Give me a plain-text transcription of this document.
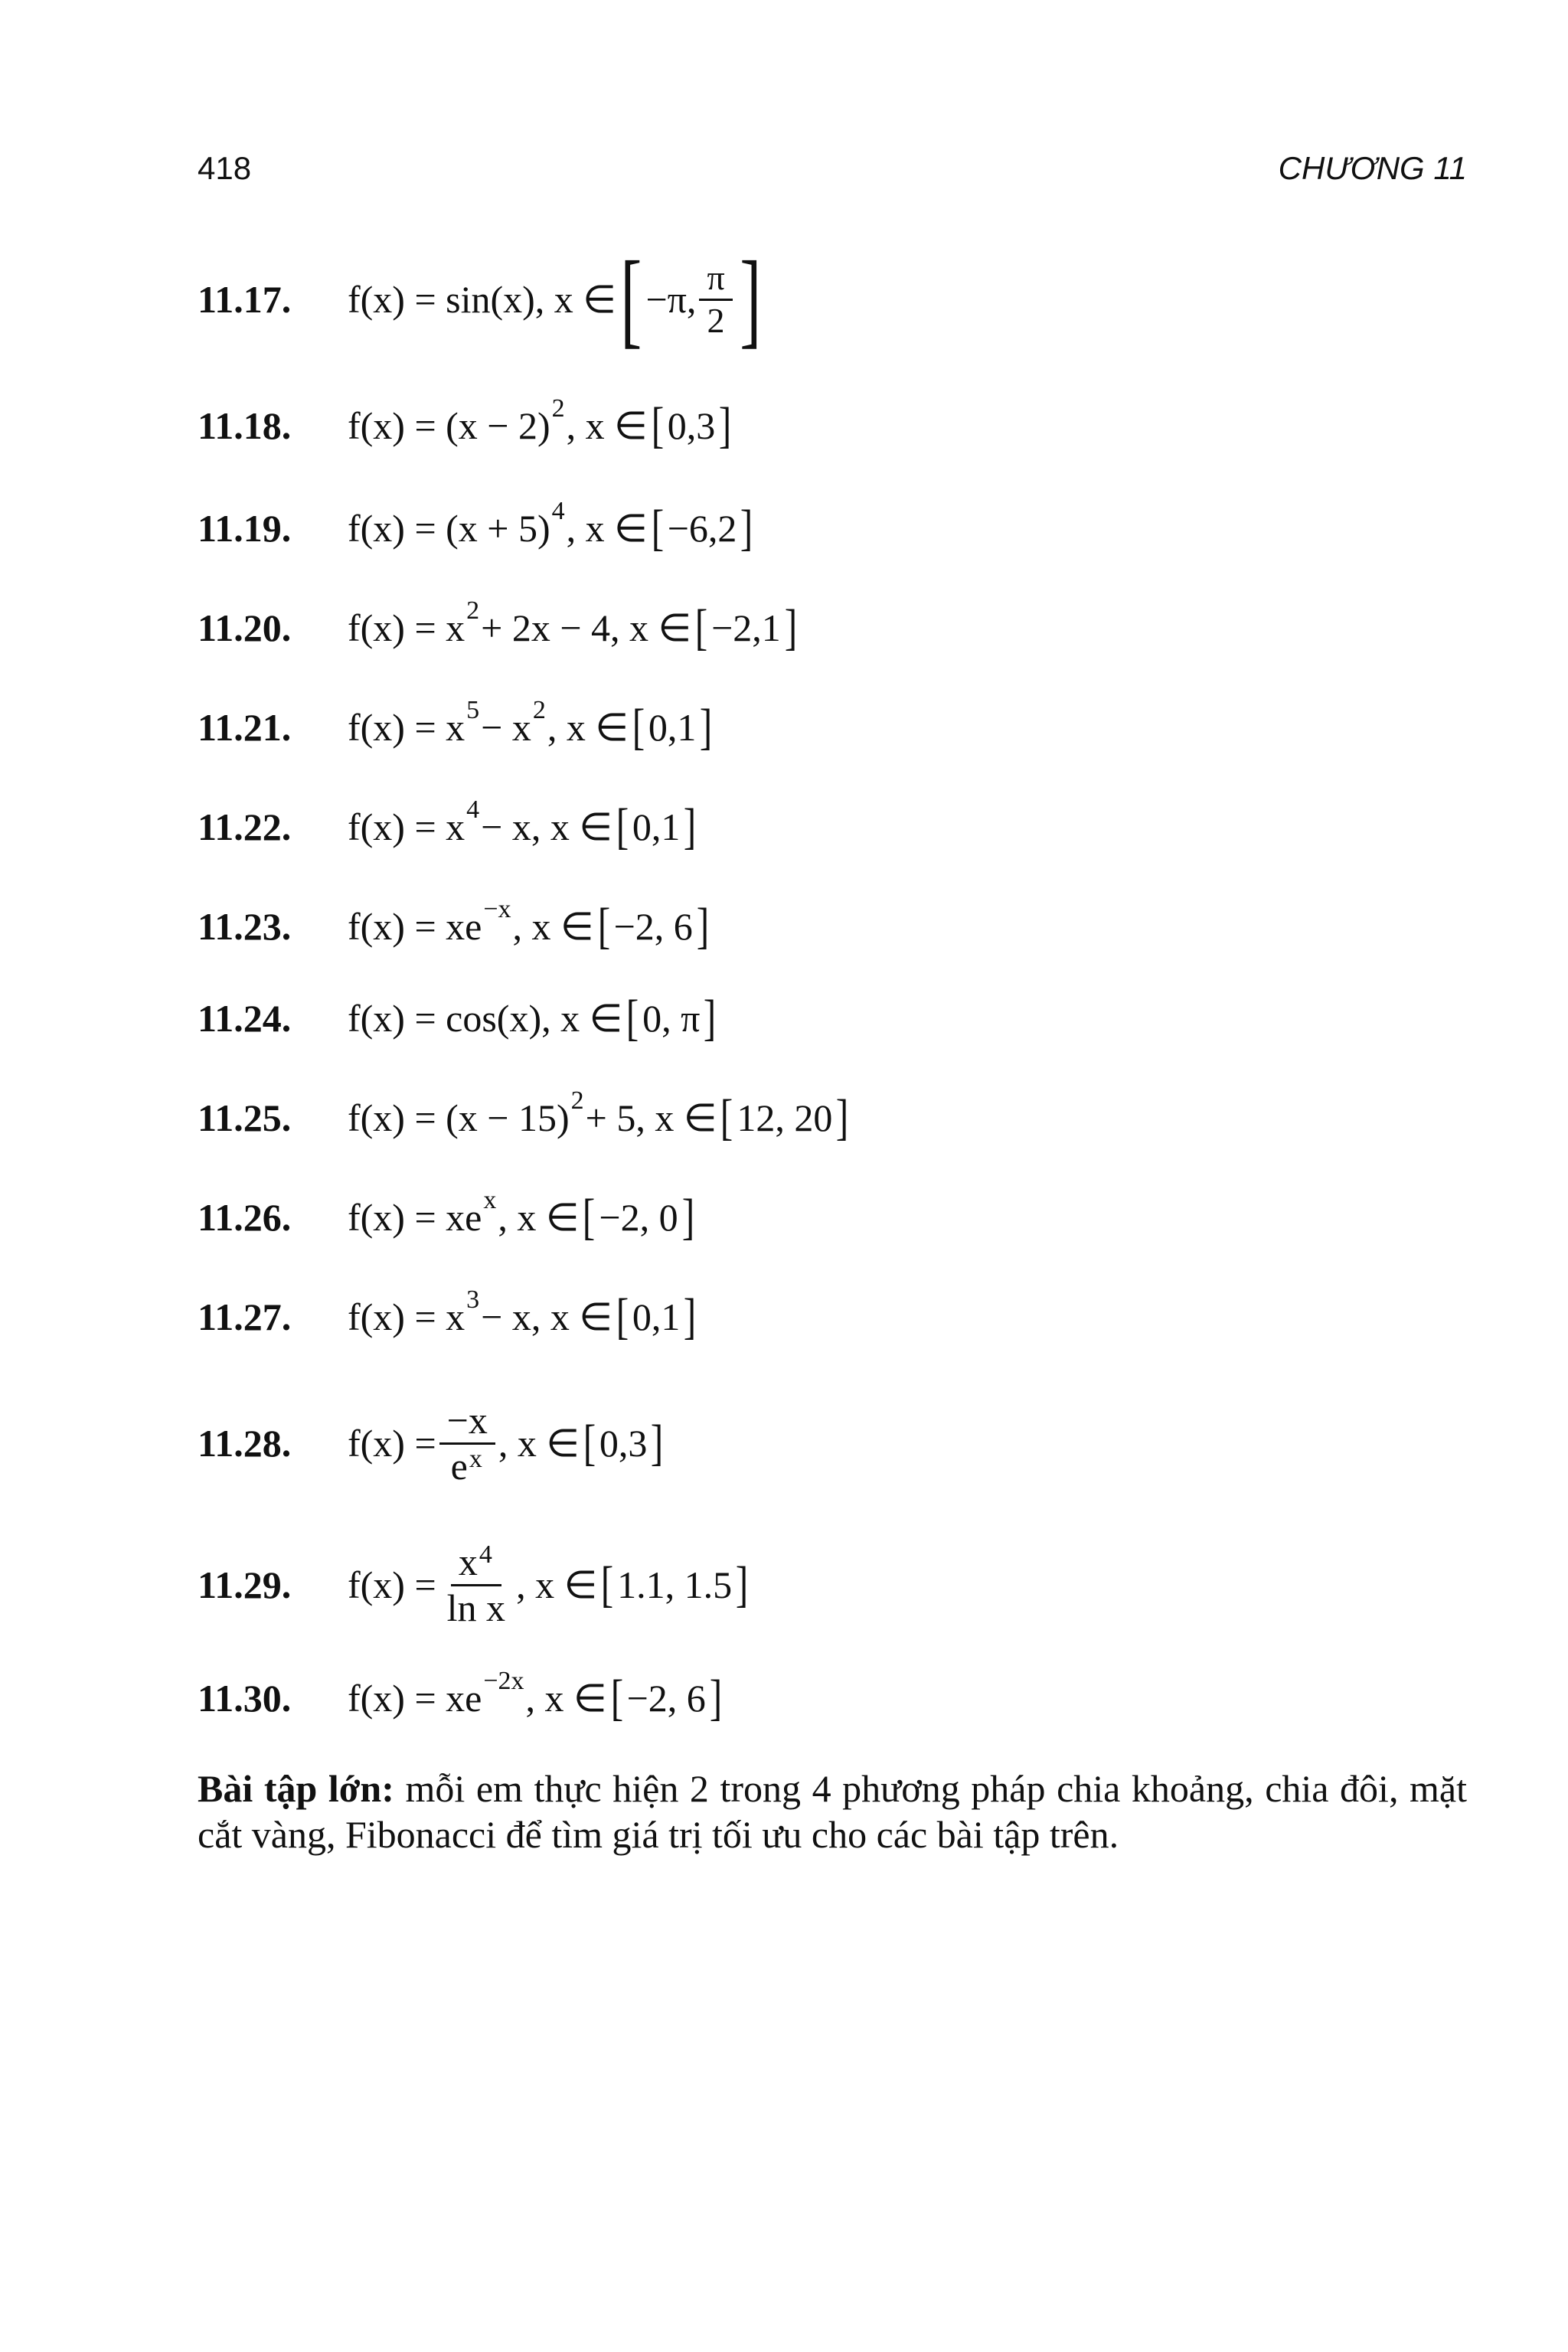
418	CHƯƠNG 11
11.17.	f(x) = sin(x), x ∈ [ −π, $\frac{\pi}{2}$ ]
11.18.	f(x) = (x − 2) 2 , x ∈ [ 0,3 ]
11.19.	f(x) = (x + 5) 4 , x ∈ [ −6,2 ]
11.20.	f(x) = x 2 + 2x − 4, x ∈ [ −2,1 ]
11.21.	f(x) = x 5 − x 2 , x ∈ [ 0,1 ]
11.22.	f(x) = x 4 − x, x ∈ [ 0,1 ]
11.23.	f(x) = xe −x , x ∈ [ −2, 6 ]
11.24.	f(x) = cos(x), x ∈ [ 0, π ]
11.25.	f(x) = (x − 15) 2 + 5, x ∈ [ 12, 20 ]
11.26.	f(x) = xe x , x ∈ [ −2, 0 ]
11.27.	f(x) = x 3 − x, x ∈ [ 0,1 ]
11.28.	$f(x) = \frac{-x}{e^x}$ , x ∈ [ 0,3 ]
11.29.	$f(x) = \frac{x^4}{\text{ln x}}$ , x ∈ [ 1.1, 1.5 ]
11.30.	f(x) = xe −2x , x ∈ [ −2, 6 ]
Bài tập lớn: mỗi em thực hiện 2 trong 4 phương pháp chia khoảng, chia đôi, mặt cắt vàng, Fibonacci để tìm giá trị tối ưu cho các bài tập trên.
